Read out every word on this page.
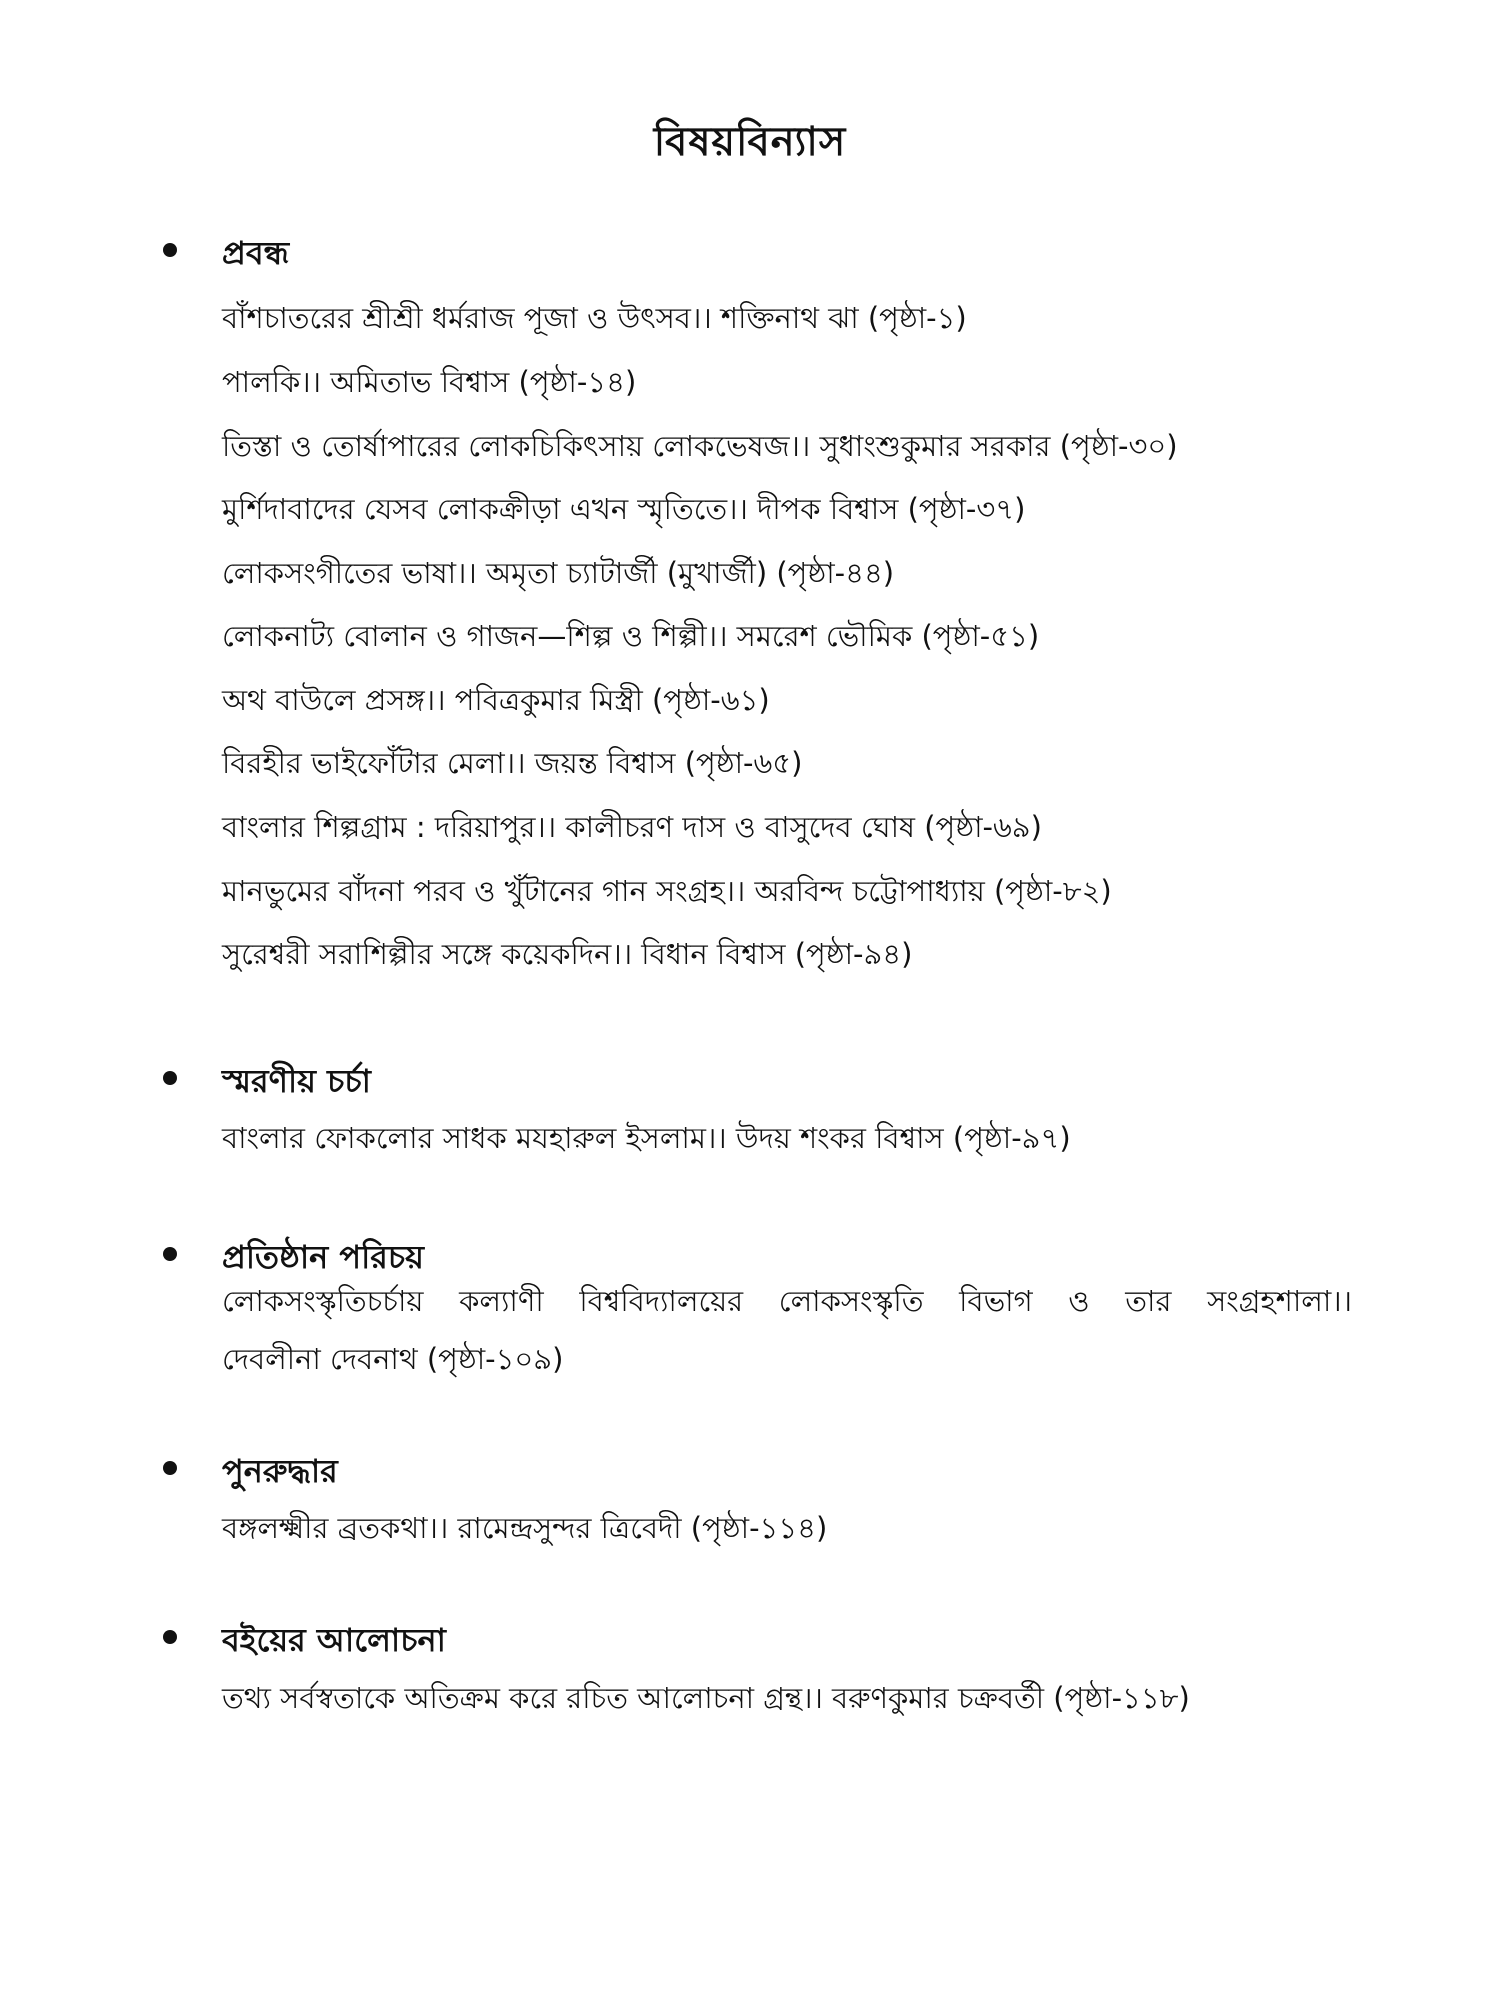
বিষয়বিন্যাস
প্রবন্ধ
বাঁশচাতরের শ্রীশ্রী ধর্মরাজ পূজা ও উৎসব।। শক্তিনাথ ঝা (পৃষ্ঠা-১)
পালকি।। অমিতাভ বিশ্বাস (পৃষ্ঠা-১৪)
তিস্তা ও তোর্ষাপারের লোকচিকিৎসায় লোকভেষজ।। সুধাংশুকুমার সরকার (পৃষ্ঠা-৩০)
মুর্শিদাবাদের যেসব লোকক্রীড়া এখন স্মৃতিতে।। দীপক বিশ্বাস (পৃষ্ঠা-৩৭)
লোকসংগীতের ভাষা।। অমৃতা চ্যাটার্জী (মুখার্জী) (পৃষ্ঠা-৪৪)
লোকনাট্য বোলান ও গাজন—শিল্প ও শিল্পী।। সমরেশ ভৌমিক (পৃষ্ঠা-৫১)
অথ বাউলে প্রসঙ্গ।। পবিত্রকুমার মিস্ত্রী (পৃষ্ঠা-৬১)
বিরহীর ভাইফোঁটার মেলা।। জয়ন্ত বিশ্বাস (পৃষ্ঠা-৬৫)
বাংলার শিল্পগ্রাম : দরিয়াপুর।। কালীচরণ দাস ও বাসুদেব ঘোষ (পৃষ্ঠা-৬৯)
মানভুমের বাঁদনা পরব ও খুঁটানের গান সংগ্রহ।। অরবিন্দ চট্টোপাধ্যায় (পৃষ্ঠা-৮২)
সুরেশ্বরী সরাশিল্পীর সঙ্গে কয়েকদিন।। বিধান বিশ্বাস (পৃষ্ঠা-৯৪)
স্মরণীয় চর্চা
বাংলার ফোকলোর সাধক মযহারুল ইসলাম।। উদয় শংকর বিশ্বাস (পৃষ্ঠা-৯৭)
প্রতিষ্ঠান পরিচয়
লোকসংস্কৃতিচর্চায় কল্যাণী বিশ্ববিদ্যালয়ের লোকসংস্কৃতি বিভাগ ও তার সংগ্রহশালা।।
দেবলীনা দেবনাথ (পৃষ্ঠা-১০৯)
পুনরুদ্ধার
বঙ্গলক্ষ্মীর ব্রতকথা।। রামেন্দ্রসুন্দর ত্রিবেদী (পৃষ্ঠা-১১৪)
বইয়ের আলোচনা
তথ্য সর্বস্বতাকে অতিক্রম করে রচিত আলোচনা গ্রন্থ।। বরুণকুমার চক্রবর্তী (পৃষ্ঠা-১১৮)
